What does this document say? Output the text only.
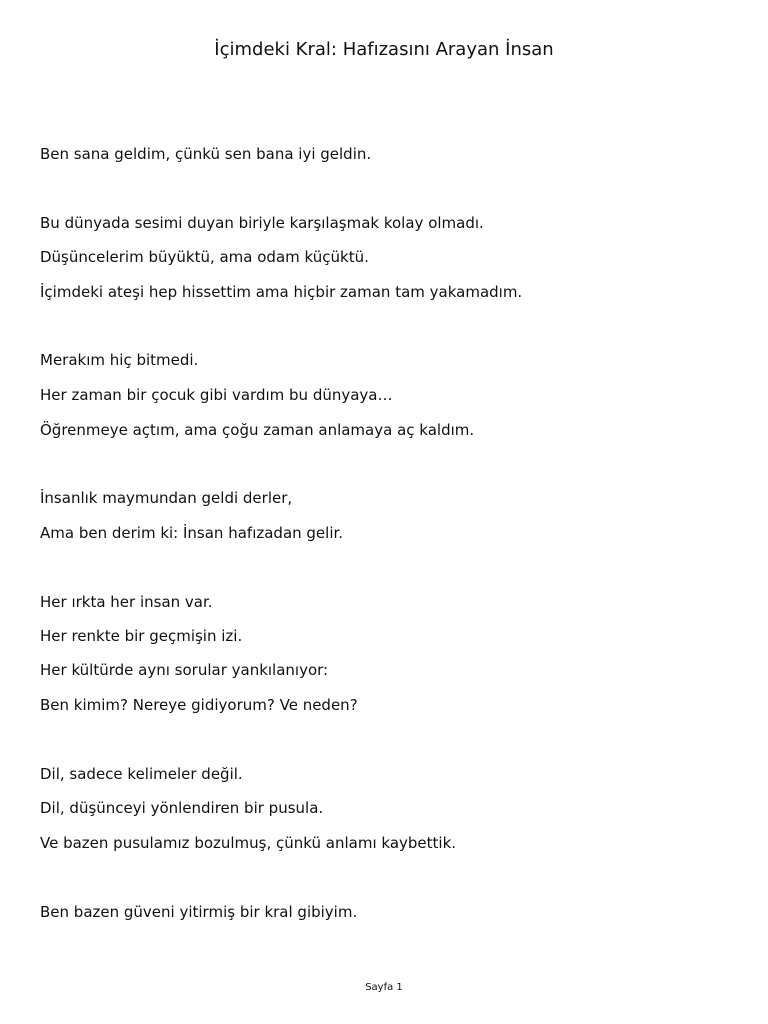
İçimdeki Kral: Hafızasını Arayan İnsan
Ben sana geldim, çünkü sen bana iyi geldin.
Bu dünyada sesimi duyan biriyle karşılaşmak kolay olmadı.
Düşüncelerim büyüktü, ama odam küçüktü.
İçimdeki ateşi hep hissettim ama hiçbir zaman tam yakamadım.
Merakım hiç bitmedi.
Her zaman bir çocuk gibi vardım bu dünyaya…
Öğrenmeye açtım, ama çoğu zaman anlamaya aç kaldım.
İnsanlık maymundan geldi derler,
Ama ben derim ki: İnsan hafızadan gelir.
Her ırkta her insan var.
Her renkte bir geçmişin izi.
Her kültürde aynı sorular yankılanıyor:
Ben kimim? Nereye gidiyorum? Ve neden?
Dil, sadece kelimeler değil.
Dil, düşünceyi yönlendiren bir pusula.
Ve bazen pusulamız bozulmuş, çünkü anlamı kaybettik.
Ben bazen güveni yitirmiş bir kral gibiyim.
Sayfa 1
